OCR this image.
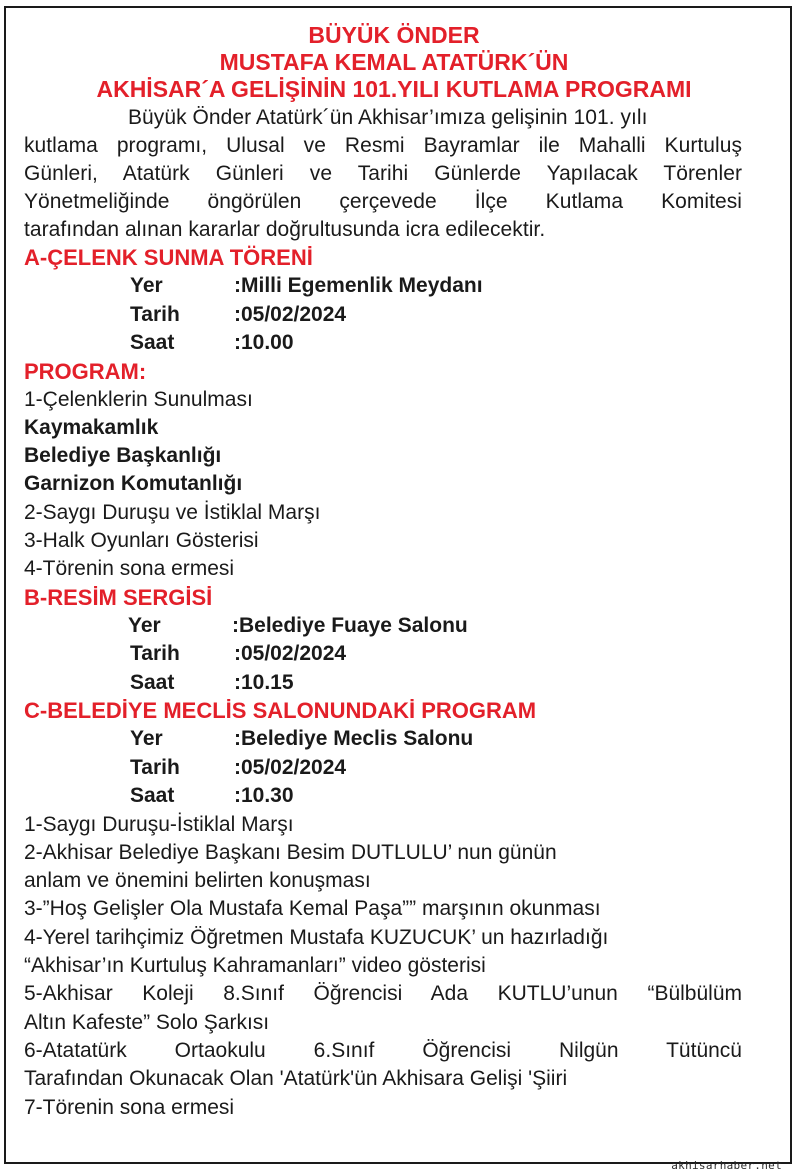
BÜYÜK ÖNDER
MUSTAFA KEMAL ATATÜRK´ÜN
AKHİSAR´A GELİŞİNİN 101.YILI KUTLAMA PROGRAMI
Büyük Önder Atatürk´ün Akhisar’ımıza gelişinin 101. yılı
kutlama programı, Ulusal ve Resmi Bayramlar ile Mahalli Kurtuluş
Günleri, Atatürk Günleri ve Tarihi Günlerde Yapılacak Törenler
Yönetmeliğinde öngörülen çerçevede İlçe Kutlama Komitesi
tarafından alınan kararlar doğrultusunda icra edilecektir.
A-ÇELENK SUNMA TÖRENİ
Yer	:Milli Egemenlik Meydanı
Tarih	:05/02/2024
Saat	:10.00
PROGRAM:
1-Çelenklerin Sunulması
Kaymakamlık
Belediye Başkanlığı
Garnizon Komutanlığı
2-Saygı Duruşu ve İstiklal Marşı
3-Halk Oyunları Gösterisi
4-Törenin sona ermesi
B-RESİM SERGİSİ
Yer	:Belediye Fuaye Salonu
Tarih	:05/02/2024
Saat	:10.15
C-BELEDİYE MECLİS SALONUNDAKİ PROGRAM
Yer	:Belediye Meclis Salonu
Tarih	:05/02/2024
Saat	:10.30
1-Saygı Duruşu-İstiklal Marşı
2-Akhisar Belediye Başkanı Besim DUTLULU’ nun günün
anlam ve önemini belirten konuşması
3-”Hoş Gelişler Ola Mustafa Kemal Paşa”” marşının okunması
4-Yerel tarihçimiz Öğretmen Mustafa KUZUCUK’ un hazırladığı
“Akhisar’ın Kurtuluş Kahramanları” video gösterisi
5-Akhisar Koleji 8.Sınıf Öğrencisi Ada KUTLU’unun “Bülbülüm
Altın Kafeste” Solo Şarkısı
6-Atatatürk Ortaokulu 6.Sınıf Öğrencisi Nilgün Tütüncü
Tarafından Okunacak Olan 'Atatürk'ün Akhisara Gelişi 'Şiiri
7-Törenin sona ermesi
akhisarhaber.net
